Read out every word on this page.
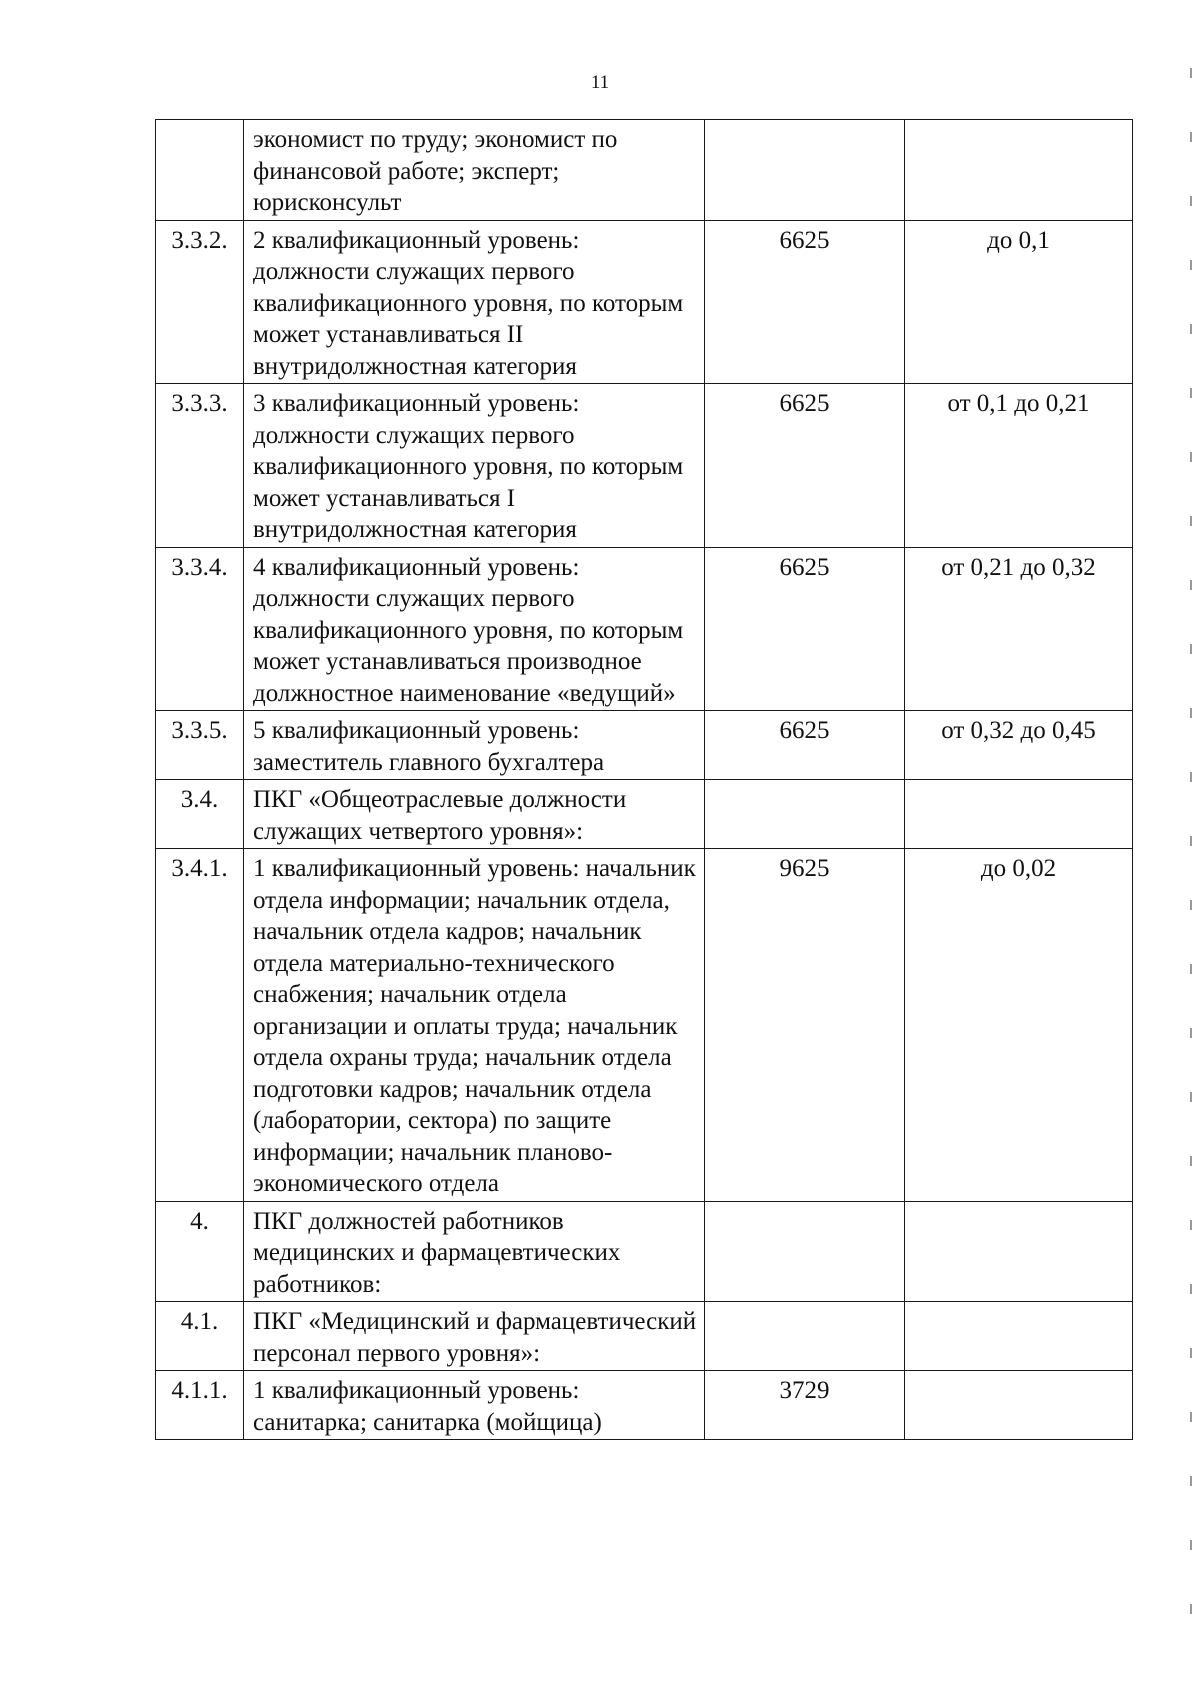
11
	экономист по труду; экономист по финансовой работе; эксперт; юрисконсульт		
3.3.2.	2 квалификационный уровень: должности служащих первого квалификационного уровня, по которым может устанавливаться II внутридолжностная категория	6625	до 0,1
3.3.3.	3 квалификационный уровень: должности служащих первого квалификационного уровня, по которым может устанавливаться I внутридолжностная категория	6625	от 0,1 до 0,21
3.3.4.	4 квалификационный уровень: должности служащих первого квалификационного уровня, по которым может устанавливаться производное должностное наименование «ведущий»	6625	от 0,21 до 0,32
3.3.5.	5 квалификационный уровень: заместитель главного бухгалтера	6625	от 0,32 до 0,45
3.4.	ПКГ «Общеотраслевые должности служащих четвертого уровня»:		
3.4.1.	1 квалификационный уровень: начальник отдела информации; начальник отдела, начальник отдела кадров; начальник отдела материально-технического снабжения; начальник отдела организации и оплаты труда; начальник отдела охраны труда; начальник отдела подготовки кадров; начальник отдела (лаборатории, сектора) по защите информации; начальник планово-экономического отдела	9625	до 0,02
4.	ПКГ должностей работников медицинских и фармацевтических работников:		
4.1.	ПКГ «Медицинский и фармацевтический персонал первого уровня»:		
4.1.1.	1 квалификационный уровень: санитарка; санитарка (мойщица)	3729	
